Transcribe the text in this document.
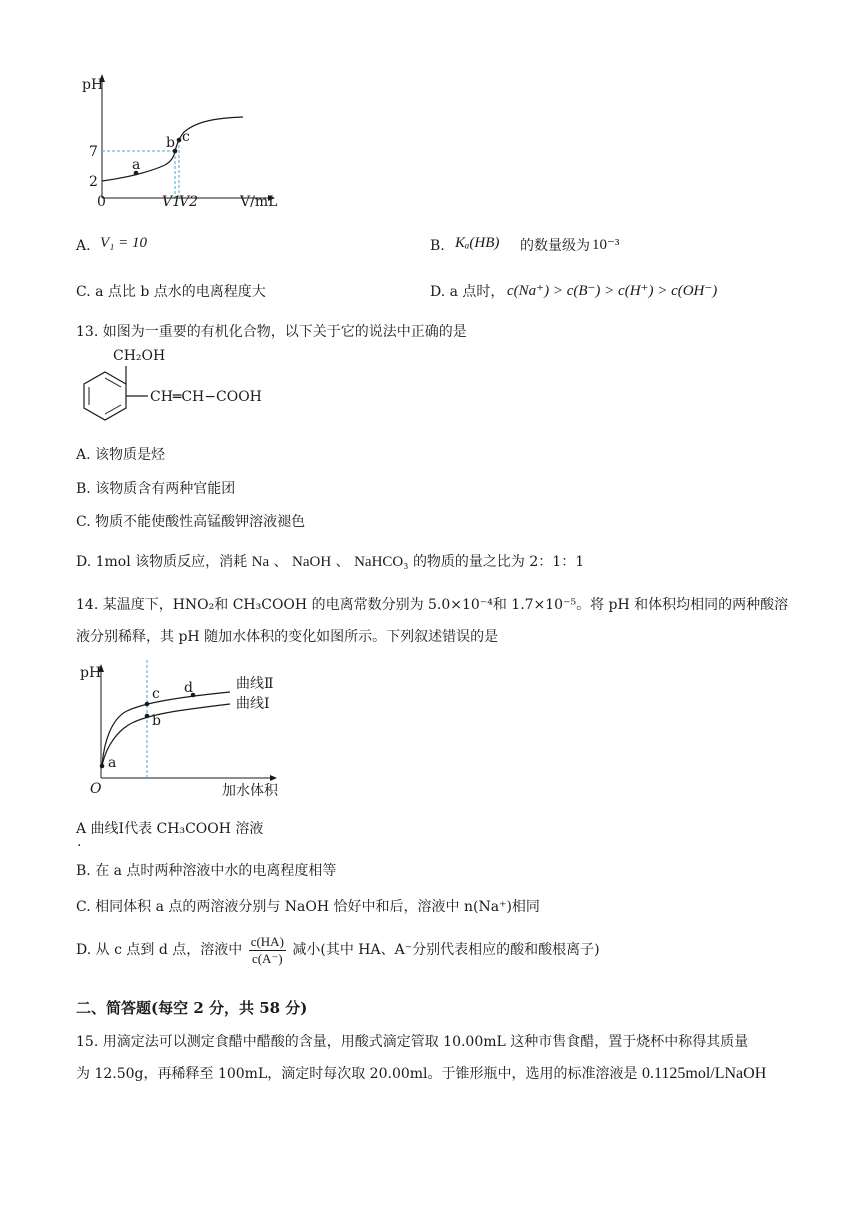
pH
V/mL
0
7
2
V1
V2
a
b c
A. V₁ = 10	B. Kₐ(HB) 的数量级为 10⁻³
C. a 点比 b 点水的电离程度大	D. a 点时， c(Na⁺) > c(B⁻) > c(H⁺) > c(OH⁻)
13. 如图为一重要的有机化合物，以下关于它的说法中正确的是
CH₂OH
CH═CH−COOH
A. 该物质是烃
B. 该物质含有两种官能团
C. 物质不能使酸性高锰酸钾溶液褪色
D. 1mol 该物质反应，消耗 Na 、 NaOH 、 NaHCO₃ 的物质的量之比为 2：1：1
14. 某温度下，HNO₂和 CH₃COOH 的电离常数分别为 5.0×10⁻⁴和 1.7×10⁻⁵。将 pH 和体积均相同的两种酸溶
液分别稀释，其 pH 随加水体积的变化如图所示。下列叙述错误的是
pH
O	加水体积
曲线Ⅱ
曲线Ⅰ
a
b
c d
A 曲线Ⅰ代表 CH₃COOH 溶液
.
B. 在 a 点时两种溶液中水的电离程度相等
C. 相同体积 a 点的两溶液分别与 NaOH 恰好中和后，溶液中 n(Na⁺)相同
D. 从 c 点到 d 点，溶液中 $\frac{c(HA)}{c(A^-)}$ 减小(其中 HA、A⁻分别代表相应的酸和酸根离子)
二、简答题(每空 2 分，共 58 分)
15. 用滴定法可以测定食醋中醋酸的含量，用酸式滴定管取 10.00mL 这种市售食醋，置于烧杯中称得其质量
为 12.50g，再稀释至 100mL，滴定时每次取 20.00ml。于锥形瓶中，选用的标准溶液是 0.1125mol/LNaOH
